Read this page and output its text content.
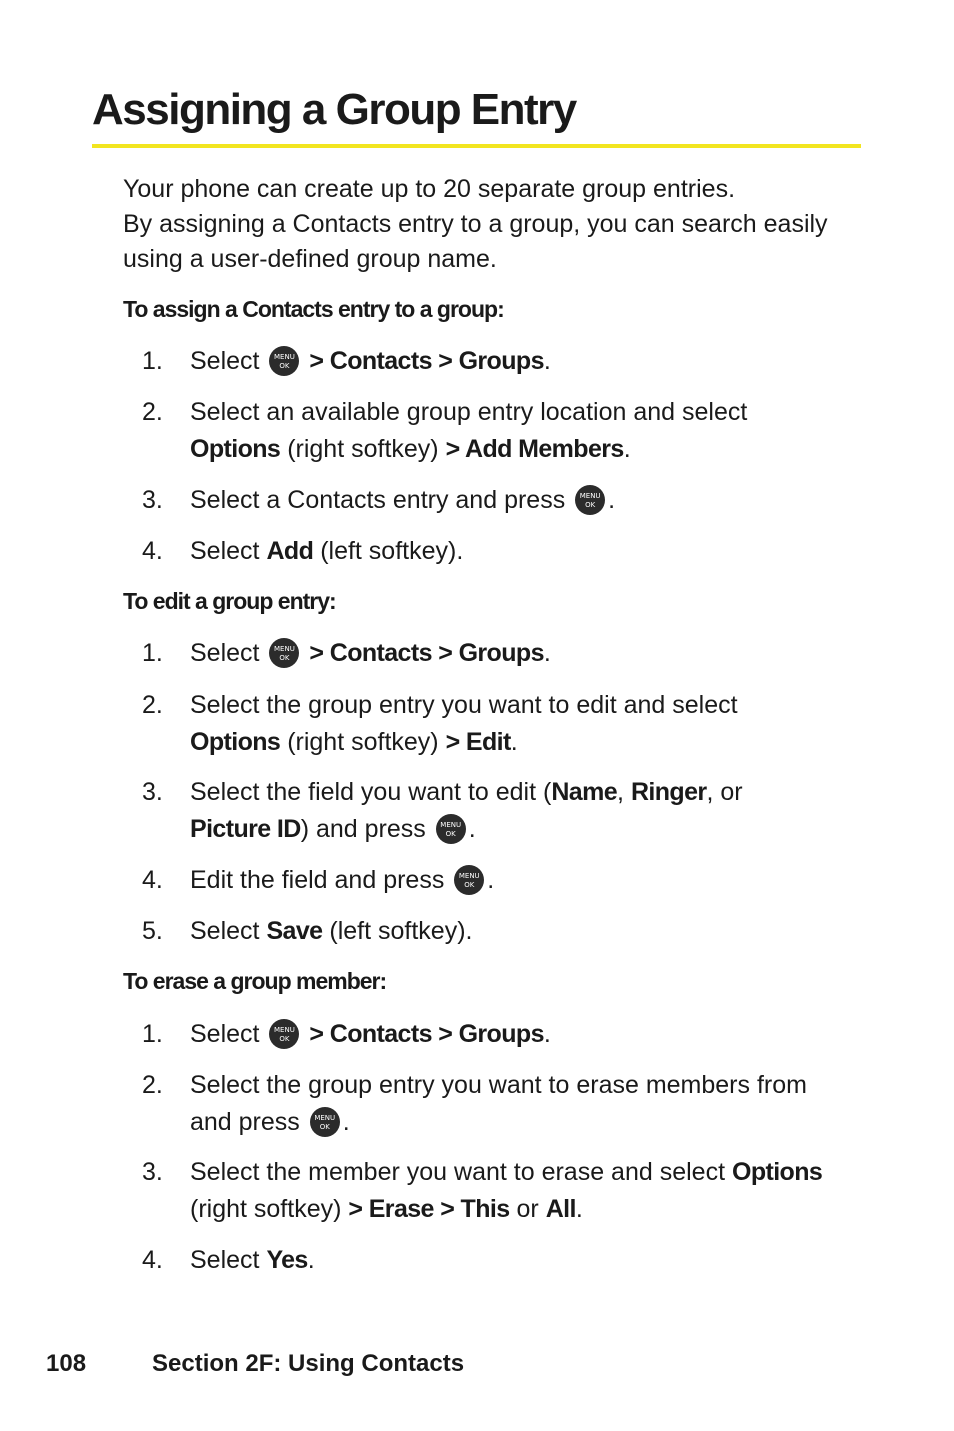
Assigning a Group Entry

Your phone can create up to 20 separate group entries.
By assigning a Contacts entry to a group, you can search easily
using a user-defined group name.

To assign a Contacts entry to a group:
1.	Select MENU OK > Contacts > Groups.
2.	Select an available group entry location and select
Options (right softkey) > Add Members.
3.	Select a Contacts entry and press MENU OK .
4.	Select Add (left softkey).
To edit a group entry:
1.	Select MENU OK > Contacts > Groups.
2.	Select the group entry you want to edit and select
Options (right softkey) > Edit.
3.	Select the field you want to edit (Name, Ringer, or
Picture ID) and press MENU OK .
4.	Edit the field and press MENU OK .
5.	Select Save (left softkey).
To erase a group member:
1.	Select MENU OK > Contacts > Groups.
2.	Select the group entry you want to erase members from
and press MENU OK .
3.	Select the member you want to erase and select Options
(right softkey) > Erase > This or All.
4.	Select Yes.
108	Section 2F: Using Contacts
